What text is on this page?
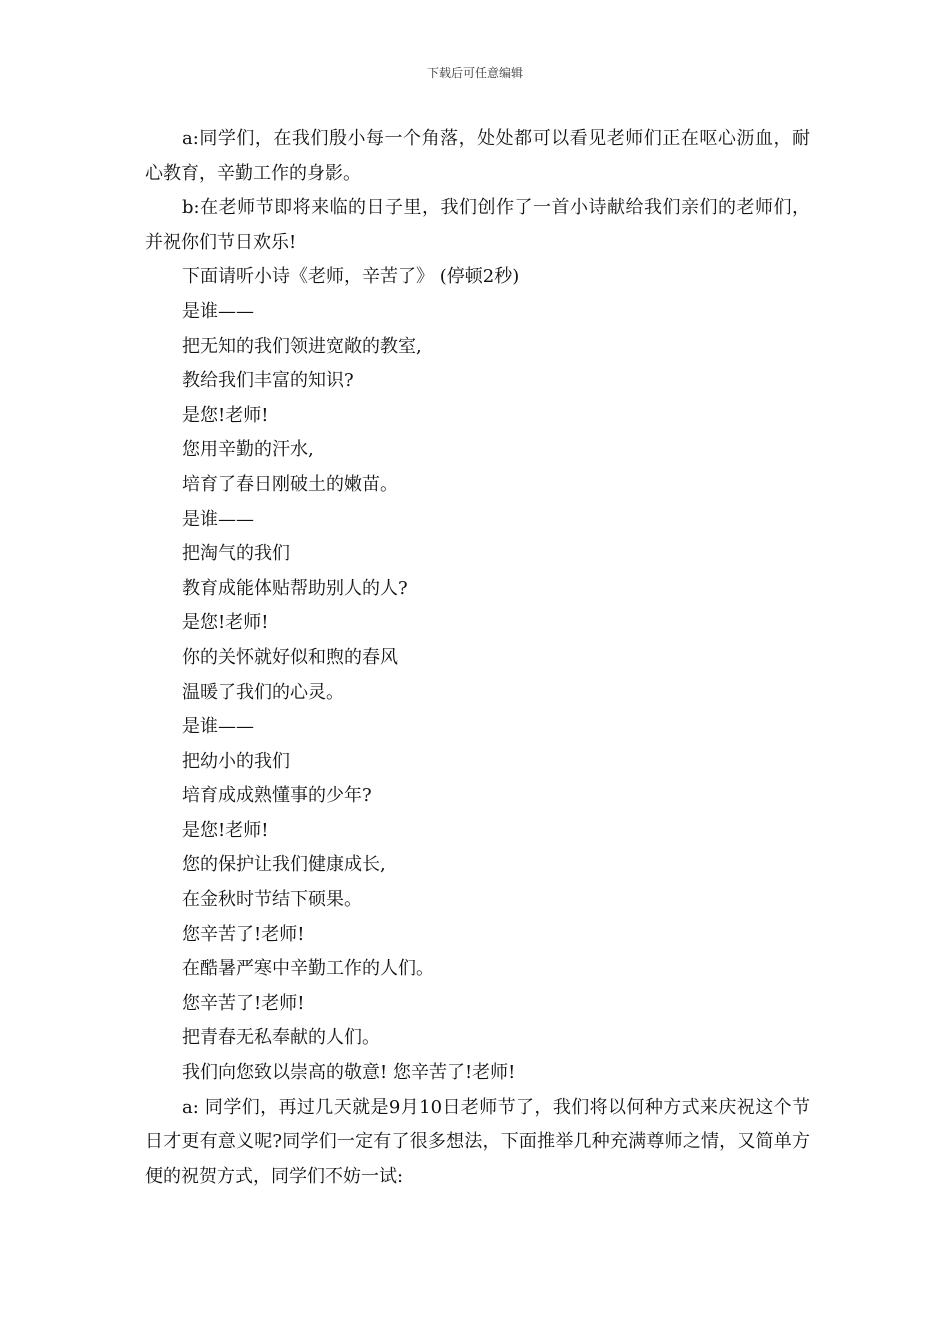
下载后可任意编辑

a:同学们，在我们殷小每一个角落，处处都可以看见老师们正在呕心沥血，耐心教育，辛勤工作的身影。

b:在老师节即将来临的日子里，我们创作了一首小诗献给我们亲们的老师们，并祝你们节日欢乐!

下面请听小诗《老师，辛苦了》 (停顿2秒)

是谁——

把无知的我们领进宽敞的教室,

教给我们丰富的知识?

是您!老师!

您用辛勤的汗水,

培育了春日刚破土的嫩苗。

是谁——

把淘气的我们

教育成能体贴帮助别人的人?

是您!老师!

你的关怀就好似和煦的春风

温暖了我们的心灵。

是谁——

把幼小的我们

培育成成熟懂事的少年?

是您!老师!

您的保护让我们健康成长,

在金秋时节结下硕果。

您辛苦了!老师!

在酷暑严寒中辛勤工作的人们。

您辛苦了!老师!

把青春无私奉献的人们。

我们向您致以崇高的敬意! 您辛苦了!老师!

a: 同学们，再过几天就是9月10日老师节了，我们将以何种方式来庆祝这个节日才更有意义呢?同学们一定有了很多想法，下面推举几种充满尊师之情，又简单方便的祝贺方式，同学们不妨一试:
